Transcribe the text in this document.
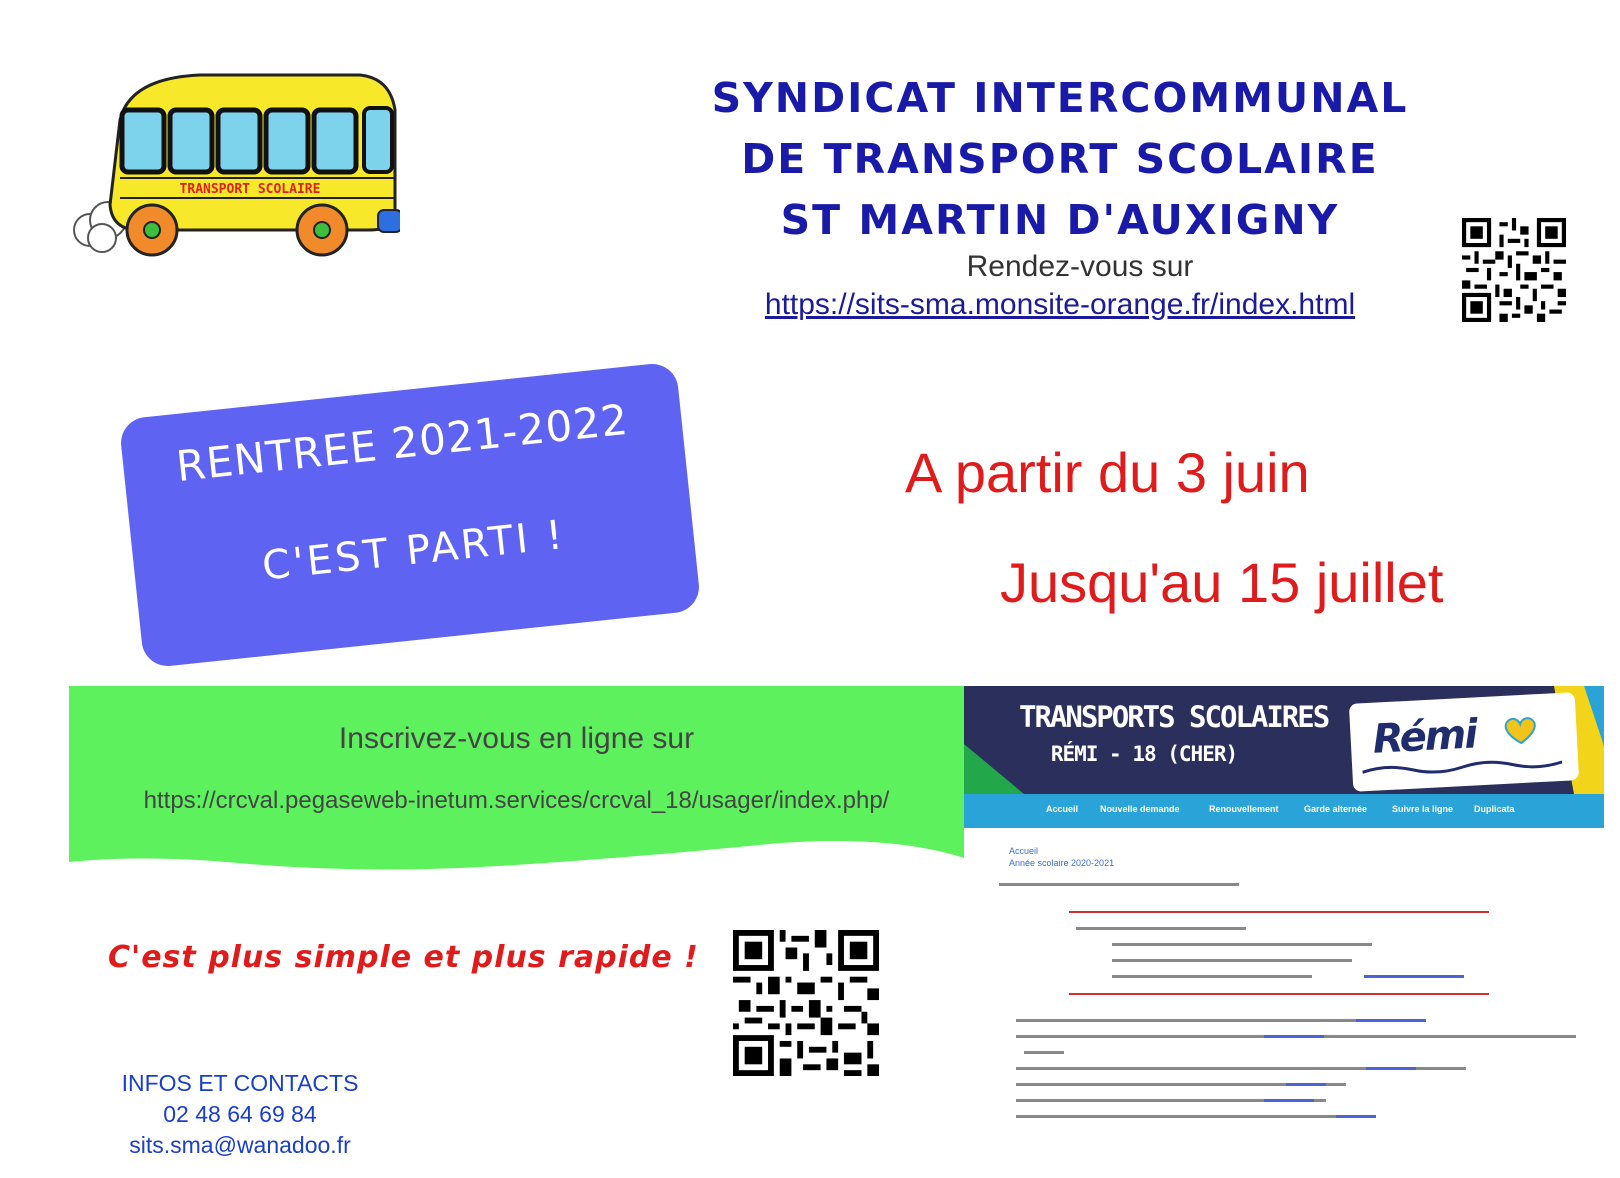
TRANSPORT SCOLAIRE
SYNDICAT INTERCOMMUNAL
DE TRANSPORT SCOLAIRE
ST MARTIN D'AUXIGNY
Rendez-vous sur
https://sits-sma.monsite-orange.fr/index.html
RENTREE 2021-2022
C'EST PARTI !
A partir du 3 juin
Jusqu'au 15 juillet
Inscrivez-vous en ligne sur
https://crcval.pegaseweb-inetum.services/crcval_18/usager/index.php/
TRANSPORTS SCOLAIRES
RÉMI - 18 (CHER)	Rémi
Accueil Nouvelle demande	Renouvellement	Garde alternée	Suivre la ligne Duplicata
Accueil
Année scolaire 2020-2021
C'est plus simple et plus rapide !
INFOS ET CONTACTS
02 48 64 69 84
sits.sma@wanadoo.fr
